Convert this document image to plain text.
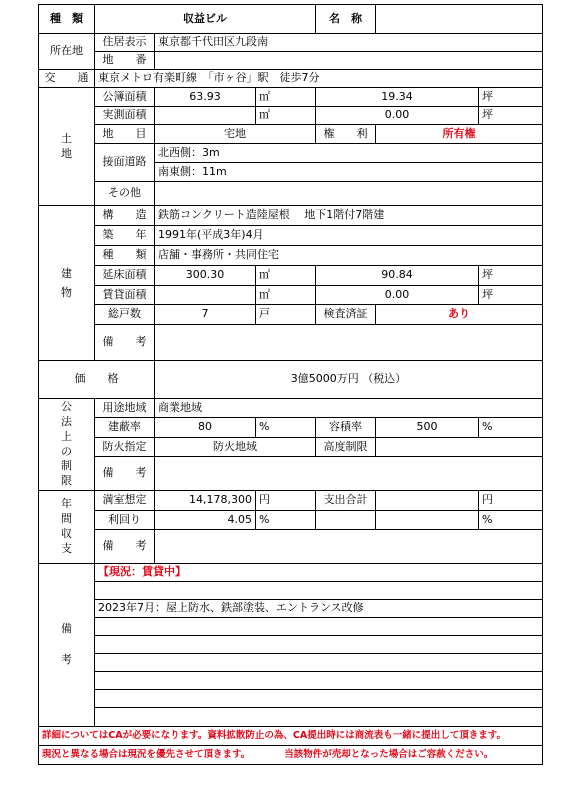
種　類	収益ビル			名　称		
所在地	住居表示	東京都千代田区九段南				
	地　　番					
交　　通	東京メトロ有楽町線　「市ヶ谷」駅　徒歩7分					

土地	公簿面積	63.93	㎡	19.34		坪
	実測面積		㎡	0.00		坪
	地　　目	宅地		権　　利	所有権	
	接面道路	北西側：3m				
		南東側：11m				
	その他					

建物	構　　造	鉄筋コンクリート造陸屋根　 地下1階付7階建				
	築　　年	1991年(平成3年)4月				
	種　　類	店舗・事務所・共同住宅				
	延床面積	300.30	㎡	90.84		坪
	賃貸面積		㎡	0.00		坪
	総戸数	7	戸	検査済証	あり	
	備　　考					
価　　格		3億5000万円 （税込）				

公法上の制限	用途地域	商業地域				
	建蔽率	80	%	容積率	500	%
	防火指定	防火地域		高度制限		
	備　　考					

年間収支	満室想定	14,178,300	円	支出合計		円
	利回り	4.05	%			%
	備　　考					

備考	【現況：賃貸中】					

	2023年7月：屋上防水、鉄部塗装、エントランス改修					

詳細についてはCAが必要になります。資料拡散防止の為、CA提出時には商流表も一緒に提出して頂きます。						
現況と異なる場合は現況を優先させて頂きます。 当該物件が売却となった場合はご容赦ください。						
